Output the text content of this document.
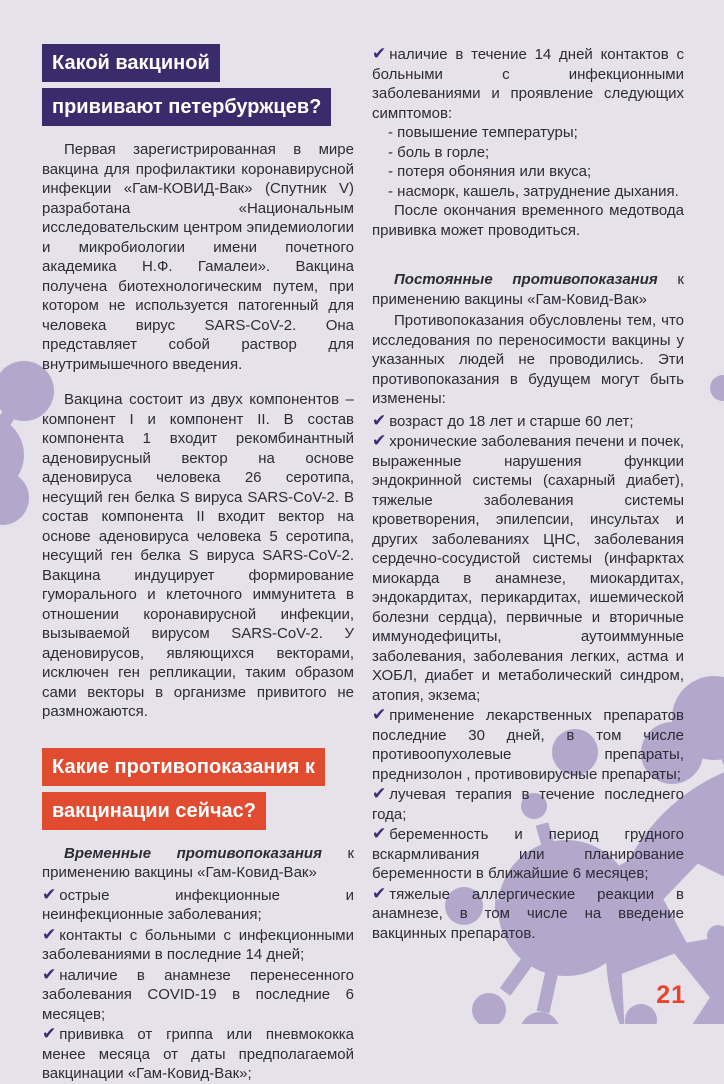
Какой вакциной
прививают петербуржцев?

Первая зарегистрированная в мире вакцина для профилактики коронавирусной инфекции «Гам-КОВИД-Вак» (Спутник V) разработана «Национальным исследовательским центром эпидемиологии и микробиологии имени почетного академика Н.Ф. Гамалеи». Вакцина получена биотехнологическим путем, при котором не используется патогенный для человека вирус SARS-CoV-2. Она представляет собой раствор для внутримышечного введения.

Вакцина состоит из двух компонентов – компонент I и компонент II. В состав компонента 1 входит рекомбинантный аденовирусный вектор на основе аденовируса человека 26 серотипа, несущий ген белка S вируса SARS-CoV-2. В состав компонента II входит вектор на основе аденовируса человека 5 серотипа, несущий ген белка S вируса SARS-CoV-2. Вакцина индуцирует формирование гуморального и клеточного иммунитета в отношении коронавирусной инфекции, вызываемой вирусом SARS-CoV-2. У аденовирусов, являющихся векторами, исключен ген репликации, таким образом сами векторы в организме привитого не размножаются.

Какие противопоказания к
вакцинации сейчас?

Временные противопоказания к применению вакцины «Гам-Ковид-Вак»

✔ острые инфекционные и неинфекционные заболевания;
✔ контакты с больными с инфекционными заболеваниями в последние 14 дней;
✔ наличие в анамнезе перенесенного заболевания COVID-19 в последние 6 месяцев;
✔ прививка от гриппа или пневмококка менее месяца от даты предполагаемой вакцинации «Гам-Ковид-Вак»;
✔ наличие в течение 14 дней контактов с больными с инфекционными заболеваниями и проявление следующих симптомов:

- повышение температуры;

- боль в горле;

- потеря обоняния или вкуса;

- насморк, кашель, затруднение дыхания.

После окончания временного медотвода прививка может проводиться.

Постоянные противопоказания к применению вакцины «Гам-Ковид-Вак»

Противопоказания обусловлены тем, что исследования по переносимости вакцины у указанных людей не проводились. Эти противопоказания в будущем могут быть изменены:

✔ возраст до 18 лет и старше 60 лет;
✔ хронические заболевания печени и почек, выраженные нарушения функции эндокринной системы (сахарный диабет), тяжелые заболевания системы кроветворения, эпилепсии, инсультах и других заболеваниях ЦНС, заболевания сердечно-сосудистой системы (инфарктах миокарда в анамнезе, миокардитах, эндокардитах, перикардитах, ишемической болезни сердца), первичные и вторичные иммунодефициты, аутоиммунные заболевания, заболевания легких, астма и ХОБЛ, диабет и метаболический синдром, атопия, экзема;
✔ применение лекарственных препаратов последние 30 дней, в том числе противоопухолевые препараты, преднизолон , противовирусные препараты;
✔ лучевая терапия в течение последнего года;
✔ беременность и период грудного вскармливания или планирование беременности в ближайшие 6 месяцев;
✔ тяжелые аллергические реакции в анамнезе, в том числе на введение вакцинных препаратов.
21
